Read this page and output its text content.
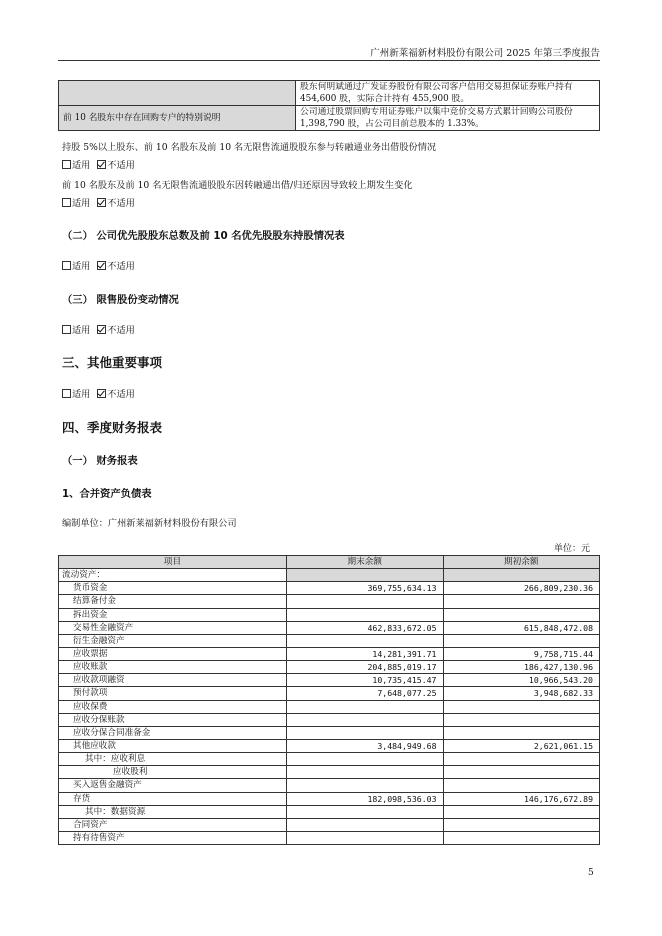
广州新莱福新材料股份有限公司 2025 年第三季度报告
	股东何明斌通过广发证券股份有限公司客户信用交易担保证券账户持有 454,600 股，实际合计持有 455,900 股。
前 10 名股东中存在回购专户的特别说明	公司通过股票回购专用证券账户以集中竞价交易方式累计回购公司股份 1,398,790 股，占公司目前总股本的 1.33%。
持股 5%以上股东、前 10 名股东及前 10 名无限售流通股股东参与转融通业务出借股份情况
适用 不适用
前 10 名股东及前 10 名无限售流通股股东因转融通出借/归还原因导致较上期发生变化
适用 不适用
（二） 公司优先股股东总数及前 10 名优先股股东持股情况表
适用 不适用
（三） 限售股份变动情况
适用 不适用
三、其他重要事项
适用 不适用
四、季度财务报表
（一） 财务报表
1、合并资产负债表
编制单位：广州新莱福新材料股份有限公司
单位：元
项目	期末余额	期初余额
流动资产：		
货币资金	369,755,634.13	266,809,230.36
结算备付金		
拆出资金		
交易性金融资产	462,833,672.05	615,848,472.08
衍生金融资产		
应收票据	14,281,391.71	9,758,715.44
应收账款	204,885,019.17	186,427,130.96
应收款项融资	10,735,415.47	10,966,543.20
预付款项	7,648,077.25	3,948,682.33
应收保费		
应收分保账款		
应收分保合同准备金		
其他应收款	3,484,949.68	2,621,061.15
其中：应收利息		
应收股利		
买入返售金融资产		
存货	182,098,536.03	146,176,672.89
其中：数据资源		
合同资产		
持有待售资产		
5
